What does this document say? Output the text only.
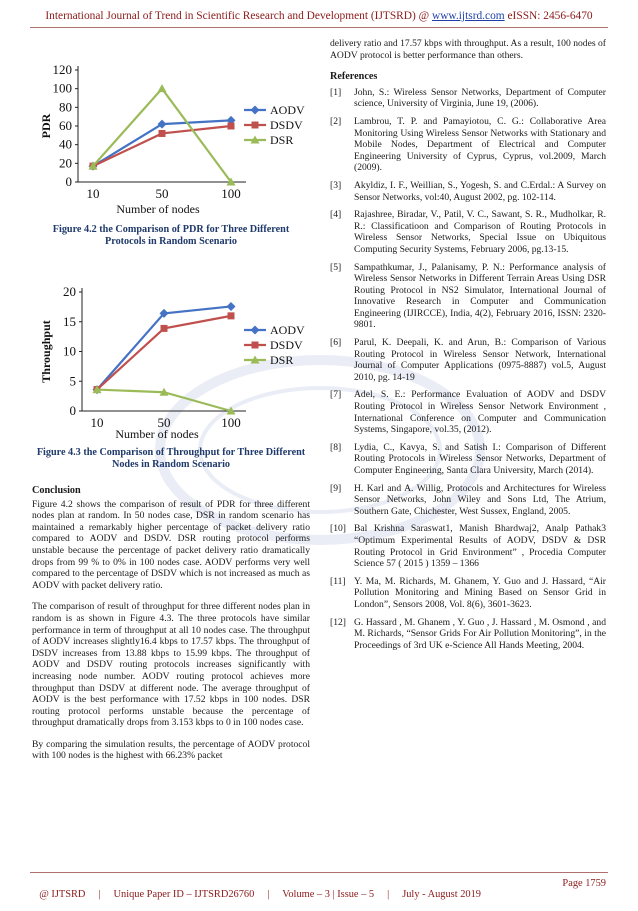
International Journal of Trend in Scientific Research and Development (IJTSRD) @ www.ijtsrd.com eISSN: 2456-6470
0
20
40
60
80
100
120
10	50	100
Number of nodes
PDR
AODV
DSDV
DSR
Figure 4.2 the Comparison of PDR for Three Different Protocols in Random Scenario
0
5
10
15
20
10	50	100
Number of nodes
Throughput	AODV
DSDV
DSR
Figure 4.3 the Comparison of Throughput for Three Different Nodes in Random Scenario
Conclusion

Figure 4.2 shows the comparison of result of PDR for three different nodes plan at random. In 50 nodes case, DSR in random scenario has maintained a remarkably higher percentage of packet delivery ratio compared to AODV and DSDV. DSR routing protocol performs unstable because the percentage of packet delivery ratio dramatically drops from 99 % to 0% in 100 nodes case. AODV performs very well compared to the percentage of DSDV which is not increased as much as AODV with packet delivery ratio.

The comparison of result of throughput for three different nodes plan in random is as shown in Figure 4.3. The three protocols have similar performance in term of throughput at all 10 nodes case. The throughput of AODV increases slightly16.4 kbps to 17.57 kbps. The throughput of DSDV increases from 13.88 kbps to 15.99 kbps. The throughput of AODV and DSDV routing protocols increases significantly with increasing node number. AODV routing protocol achieves more throughput than DSDV at different node. The average throughput of AODV is the best performance with 17.52 kbps in 100 nodes. DSR routing protocol performs unstable because the percentage of throughput dramatically drops from 3.153 kbps to 0 in 100 nodes case.

By comparing the simulation results, the percentage of AODV protocol with 100 nodes is the highest with 66.23% packet

delivery ratio and 17.57 kbps with throughput. As a result, 100 nodes of AODV protocol is better performance than others.

References
[1]	John, S.: Wireless Sensor Networks, Department of Computer science, University of Virginia, June 19, (2006).
[2]	Lambrou, T. P. and Pamayiotou, C. G.: Collaborative Area Monitoring Using Wireless Sensor Networks with Stationary and Mobile Nodes, Department of Electrical and Computer Engineering University of Cyprus, Cyprus, vol.2009, March (2009).
[3]	Akyldiz, I. F., Weillian, S., Yogesh, S. and C.Erdal.: A Survey on Sensor Networks, vol:40, August 2002, pg. 102-114.
[4]	Rajashree, Biradar, V., Patil, V. C., Sawant, S. R., Mudholkar, R. R.: Classificatioon and Comparison of Routing Protocols in Wireless Sensor Networks, Special Issue on Ubiquitous Computing Security Systems, February 2006, pg.13-15.
[5]	Sampathkumar, J., Palanisamy, P. N.: Performance analysis of Wireless Sensor Networks in Different Terrain Areas Using DSR Routing Protocol in NS2 Simulator, International Journal of Innovative Research in Computer and Communication Engineering (IJIRCCE), India, 4(2), February 2016, ISSN: 2320-9801.
[6]	Parul, K. Deepali, K. and Arun, B.: Comparison of Various Routing Protocol in Wireless Sensor Network, International Journal of Computer Applications (0975-8887) vol.5, August 2010, pg. 14-19
[7]	Adel, S. E.: Performance Evaluation of AODV and DSDV Routing Protocol in Wireless Sensor Network Environment , International Conference on Computer and Communication Systems, Singapore, vol.35, (2012).
[8]	Lydia, C., Kavya, S. and Satish I.: Comparison of Different Routing Protocols in Wireless Sensor Networks, Department of Computer Engineering, Santa Clara University, March (2014).
[9]	H. Karl and A. Willig, Protocols and Architectures for Wireless Sensor Networks, John Wiley and Sons Ltd, The Atrium, Southern Gate, Chichester, West Sussex, England, 2005.
[10] Bal Krishna Saraswat1, Manish Bhardwaj2, Analp Pathak3 “Optimum Experimental Results of AODV, DSDV & DSR Routing Protocol in Grid Environment” , Procedia Computer Science 57 ( 2015 ) 1359 – 1366
[11] Y. Ma, M. Richards, M. Ghanem, Y. Guo and J. Hassard, “Air Pollution Monitoring and Mining Based on Sensor Grid in London”, Sensors 2008, Vol. 8(6), 3601-3623.
[12] G. Hassard , M. Ghanem , Y. Guo , J. Hassard , M. Osmond , and M. Richards, “Sensor Grids For Air Pollution Monitoring”, in the Proceedings of 3rd UK e-Science All Hands Meeting, 2004.

@ IJTSRD     |     Unique Paper ID – IJTSRD26760     |     Volume – 3 | Issue – 5     |     July - August 2019

Page 1759
